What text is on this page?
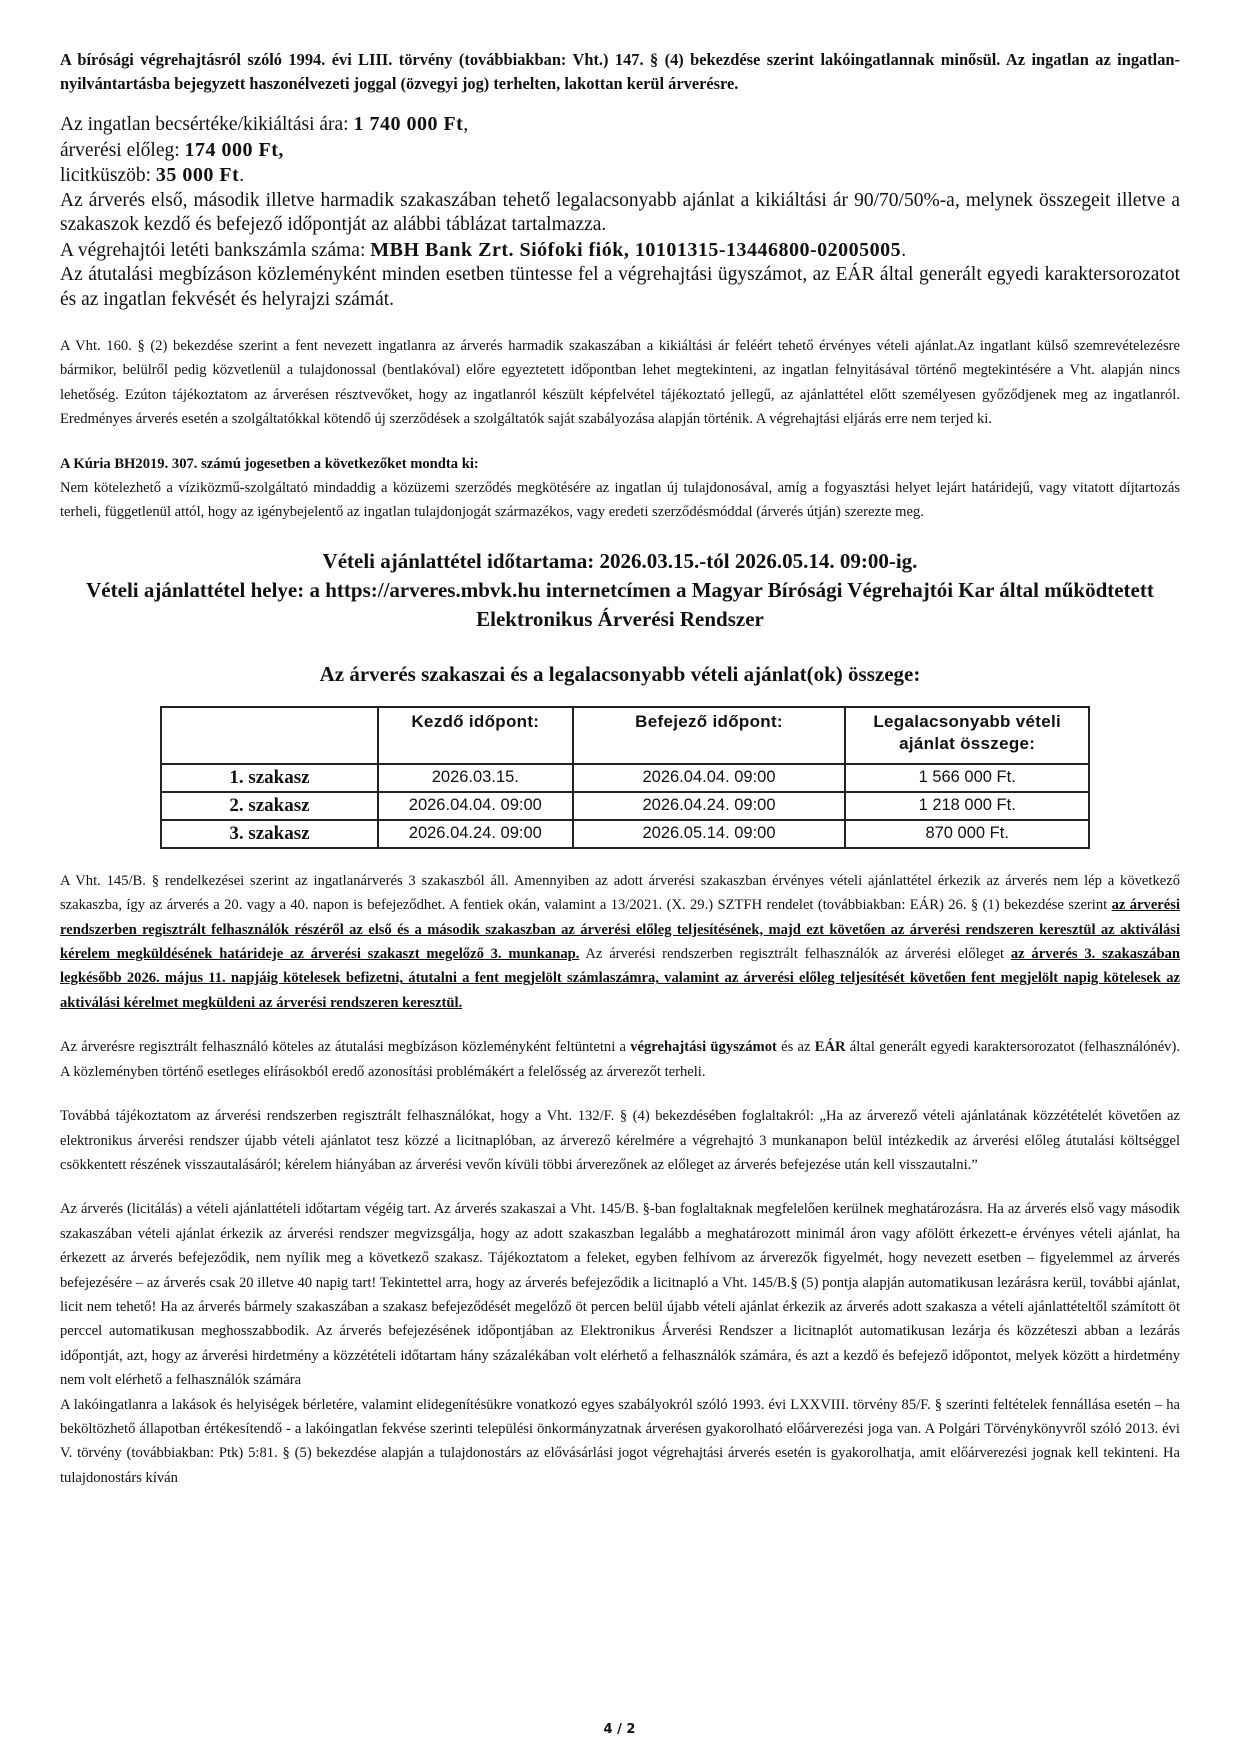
A bírósági végrehajtásról szóló 1994. évi LIII. törvény (továbbiakban: Vht.) 147. § (4) bekezdése szerint lakóingatlannak minősül. Az ingatlan az ingatlan-nyilvántartásba bejegyzett haszonélvezeti joggal (özvegyi jog) terhelten, lakottan kerül árverésre.

Az ingatlan becsértéke/kikiáltási ára: 1 740 000 Ft,

árverési előleg: 174 000 Ft,

licitküszöb: 35 000 Ft.

Az árverés első, második illetve harmadik szakaszában tehető legalacsonyabb ajánlat a kikiáltási ár 90/70/50%-a, melynek összegeit illetve a szakaszok kezdő és befejező időpontját az alábbi táblázat tartalmazza.

A végrehajtói letéti bankszámla száma: MBH Bank Zrt. Siófoki fiók, 10101315-13446800-02005005.

Az átutalási megbízáson közleményként minden esetben tüntesse fel a végrehajtási ügyszámot, az EÁR által generált egyedi karaktersorozatot és az ingatlan fekvését és helyrajzi számát.

A Vht. 160. § (2) bekezdése szerint a fent nevezett ingatlanra az árverés harmadik szakaszában a kikiáltási ár feléért tehető érvényes vételi ajánlat.Az ingatlant külső szemrevételezésre bármikor, belülről pedig közvetlenül a tulajdonossal (bentlakóval) előre egyeztetett időpontban lehet megtekinteni, az ingatlan felnyitásával történő megtekintésére a Vht. alapján nincs lehetőség. Ezúton tájékoztatom az árverésen résztvevőket, hogy az ingatlanról készült képfelvétel tájékoztató jellegű, az ajánlattétel előtt személyesen győződjenek meg az ingatlanról. Eredményes árverés esetén a szolgáltatókkal kötendő új szerződések a szolgáltatók saját szabályozása alapján történik. A végrehajtási eljárás erre nem terjed ki.

A Kúria BH2019. 307. számú jogesetben a következőket mondta ki:

Nem kötelezhető a víziközmű-szolgáltató mindaddig a közüzemi szerződés megkötésére az ingatlan új tulajdonosával, amíg a fogyasztási helyet lejárt határidejű, vagy vitatott díjtartozás terheli, függetlenül attól, hogy az igénybejelentő az ingatlan tulajdonjogát származékos, vagy eredeti szerződésmóddal (árverés útján) szerezte meg.

Vételi ajánlattétel időtartama: 2026.03.15.-tól 2026.05.14. 09:00-ig.

Vételi ajánlattétel helye: a https://arveres.mbvk.hu internetcímen a Magyar Bírósági Végrehajtói Kar által működtetett Elektronikus Árverési Rendszer

Az árverés szakaszai és a legalacsonyabb vételi ajánlat(ok) összege:

	Kezdő időpont:	Befejező időpont:	Legalacsonyabb vételi ajánlat összege:
1. szakasz	2026.03.15.	2026.04.04. 09:00	1 566 000 Ft.
2. szakasz	2026.04.04. 09:00	2026.04.24. 09:00	1 218 000 Ft.
3. szakasz	2026.04.24. 09:00	2026.05.14. 09:00	870 000 Ft.

A Vht. 145/B. § rendelkezései szerint az ingatlanárverés 3 szakaszból áll. Amennyiben az adott árverési szakaszban érvényes vételi ajánlattétel érkezik az árverés nem lép a következő szakaszba, így az árverés a 20. vagy a 40. napon is befejeződhet. A fentiek okán, valamint a 13/2021. (X. 29.) SZTFH rendelet (továbbiakban: EÁR) 26. § (1) bekezdése szerint az árverési rendszerben regisztrált felhasználók részéről az első és a második szakaszban az árverési előleg teljesítésének, majd ezt követően az árverési rendszeren keresztül az aktiválási kérelem megküldésének határideje az árverési szakaszt megelőző 3. munkanap. Az árverési rendszerben regisztrált felhasználók az árverési előleget az árverés 3. szakaszában legkésőbb 2026. május 11. napjáig kötelesek befizetni, átutalni a fent megjelölt számlaszámra, valamint az árverési előleg teljesítését követően fent megjelölt napig kötelesek az aktiválási kérelmet megküldeni az árverési rendszeren keresztül.

Az árverésre regisztrált felhasználó köteles az átutalási megbízáson közleményként feltüntetni a végrehajtási ügyszámot és az EÁR által generált egyedi karaktersorozatot (felhasználónév). A közleményben történő esetleges elírásokból eredő azonosítási problémákért a felelősség az árverezőt terheli.

Továbbá tájékoztatom az árverési rendszerben regisztrált felhasználókat, hogy a Vht. 132/F. § (4) bekezdésében foglaltakról: „Ha az árverező vételi ajánlatának közzétételét követően az elektronikus árverési rendszer újabb vételi ajánlatot tesz közzé a licitnaplóban, az árverező kérelmére a végrehajtó 3 munkanapon belül intézkedik az árverési előleg átutalási költséggel csökkentett részének visszautalásáról; kérelem hiányában az árverési vevőn kívüli többi árverezőnek az előleget az árverés befejezése után kell visszautalni.”

Az árverés (licitálás) a vételi ajánlattételi időtartam végéig tart. Az árverés szakaszai a Vht. 145/B. §-ban foglaltaknak megfelelően kerülnek meghatározásra. Ha az árverés első vagy második szakaszában vételi ajánlat érkezik az árverési rendszer megvizsgálja, hogy az adott szakaszban legalább a meghatározott minimál áron vagy afölött érkezett-e érvényes vételi ajánlat, ha érkezett az árverés befejeződik, nem nyílik meg a következő szakasz. Tájékoztatom a feleket, egyben felhívom az árverezők figyelmét, hogy nevezett esetben – figyelemmel az árverés befejezésére – az árverés csak 20 illetve 40 napig tart! Tekintettel arra, hogy az árverés befejeződik a licitnapló a Vht. 145/B.§ (5) pontja alapján automatikusan lezárásra kerül, további ajánlat, licit nem tehető! Ha az árverés bármely szakaszában a szakasz befejeződését megelőző öt percen belül újabb vételi ajánlat érkezik az árverés adott szakasza a vételi ajánlattételtől számított öt perccel automatikusan meghosszabbodik. Az árverés befejezésének időpontjában az Elektronikus Árverési Rendszer a licitnaplót automatikusan lezárja és közzéteszi abban a lezárás időpontját, azt, hogy az árverési hirdetmény a közzétételi időtartam hány százalékában volt elérhető a felhasználók számára, és azt a kezdő és befejező időpontot, melyek között a hirdetmény nem volt elérhető a felhasználók számára

A lakóingatlanra a lakások és helyiségek bérletére, valamint elidegenítésükre vonatkozó egyes szabályokról szóló 1993. évi LXXVIII. törvény 85/F. § szerinti feltételek fennállása esetén – ha beköltözhető állapotban értékesítendő - a lakóingatlan fekvése szerinti települési önkormányzatnak árverésen gyakorolható előárverezési joga van. A Polgári Törvénykönyvről szóló 2013. évi V. törvény (továbbiakban: Ptk) 5:81. § (5) bekezdése alapján a tulajdonostárs az elővásárlási jogot végrehajtási árverés esetén is gyakorolhatja, amit előárverezési jognak kell tekinteni. Ha tulajdonostárs kíván

4 / 2
